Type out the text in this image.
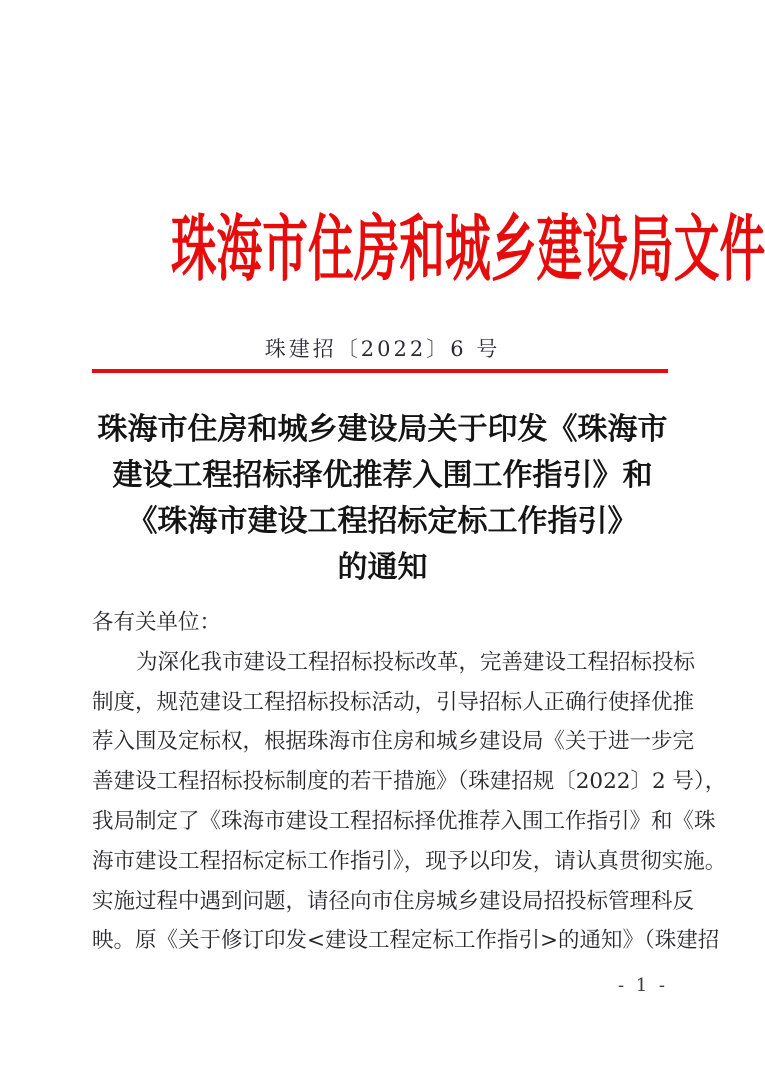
珠海市住房和城乡建设局文件
珠建招〔2022〕6 号
珠海市住房和城乡建设局关于印发《珠海市
建设工程招标择优推荐入围工作指引》和
《珠海市建设工程招标定标工作指引》
的通知
各有关单位：
为深化我市建设工程招标投标改革，完善建设工程招标投标
制度，规范建设工程招标投标活动，引导招标人正确行使择优推
荐入围及定标权，根据珠海市住房和城乡建设局《关于进一步完
善建设工程招标投标制度的若干措施》（珠建招规〔2022〕2 号），
我局制定了《珠海市建设工程招标择优推荐入围工作指引》和《珠
海市建设工程招标定标工作指引》，现予以印发，请认真贯彻实施。
实施过程中遇到问题，请径向市住房城乡建设局招投标管理科反
映。原《关于修订印发<建设工程定标工作指引>的通知》（珠建招
- 1 -
